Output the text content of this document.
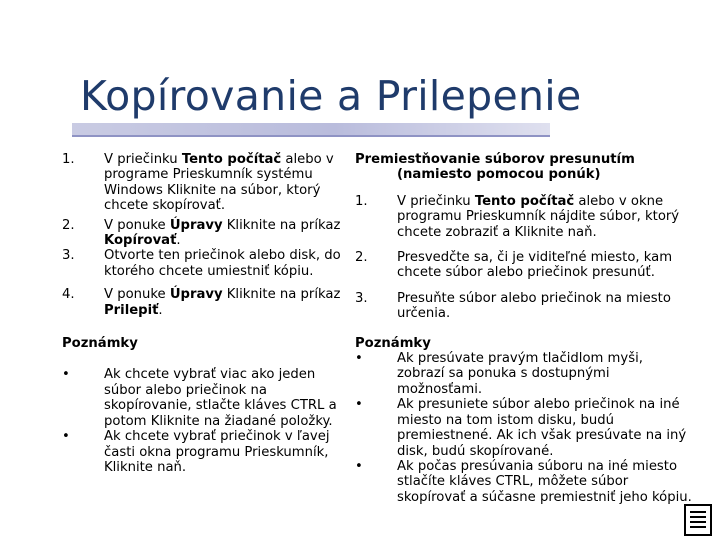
Kopírovanie a Prilepenie
1. V priečinku Tento počítač alebo v programe Prieskumník systému Windows Kliknite na súbor, ktorý chcete skopírovať.
2. V ponuke Úpravy Kliknite na príkaz Kopírovať.
3. Otvorte ten priečinok alebo disk, do ktorého chcete umiestniť kópiu.
4. V ponuke Úpravy Kliknite na príkaz Prilepiť.
Poznámky
•	Ak chcete vybrať viac ako jeden súbor alebo priečinok na skopírovanie, stlačte kláves CTRL a potom Kliknite na žiadané položky.
•	Ak chcete vybrať priečinok v ľavej časti okna programu Prieskumník, Kliknite naň.
Premiestňovanie súborov presunutím
(namiesto pomocou ponúk)
1. V priečinku Tento počítač alebo v okne programu Prieskumník nájdite súbor, ktorý chcete zobraziť a Kliknite naň.
2. Presvedčte sa, či je viditeľné miesto, kam chcete súbor alebo priečinok presunúť.
3. Presuňte súbor alebo priečinok na miesto určenia.
Poznámky
•	Ak presúvate pravým tlačidlom myši, zobrazí sa ponuka s dostupnými možnosťami.
•	Ak presuniete súbor alebo priečinok na iné miesto na tom istom disku, budú premiestnené. Ak ich však presúvate na iný disk, budú skopírované.
•	Ak počas presúvania súboru na iné miesto stlačíte kláves CTRL, môžete súbor skopírovať a súčasne premiestniť jeho kópiu.
